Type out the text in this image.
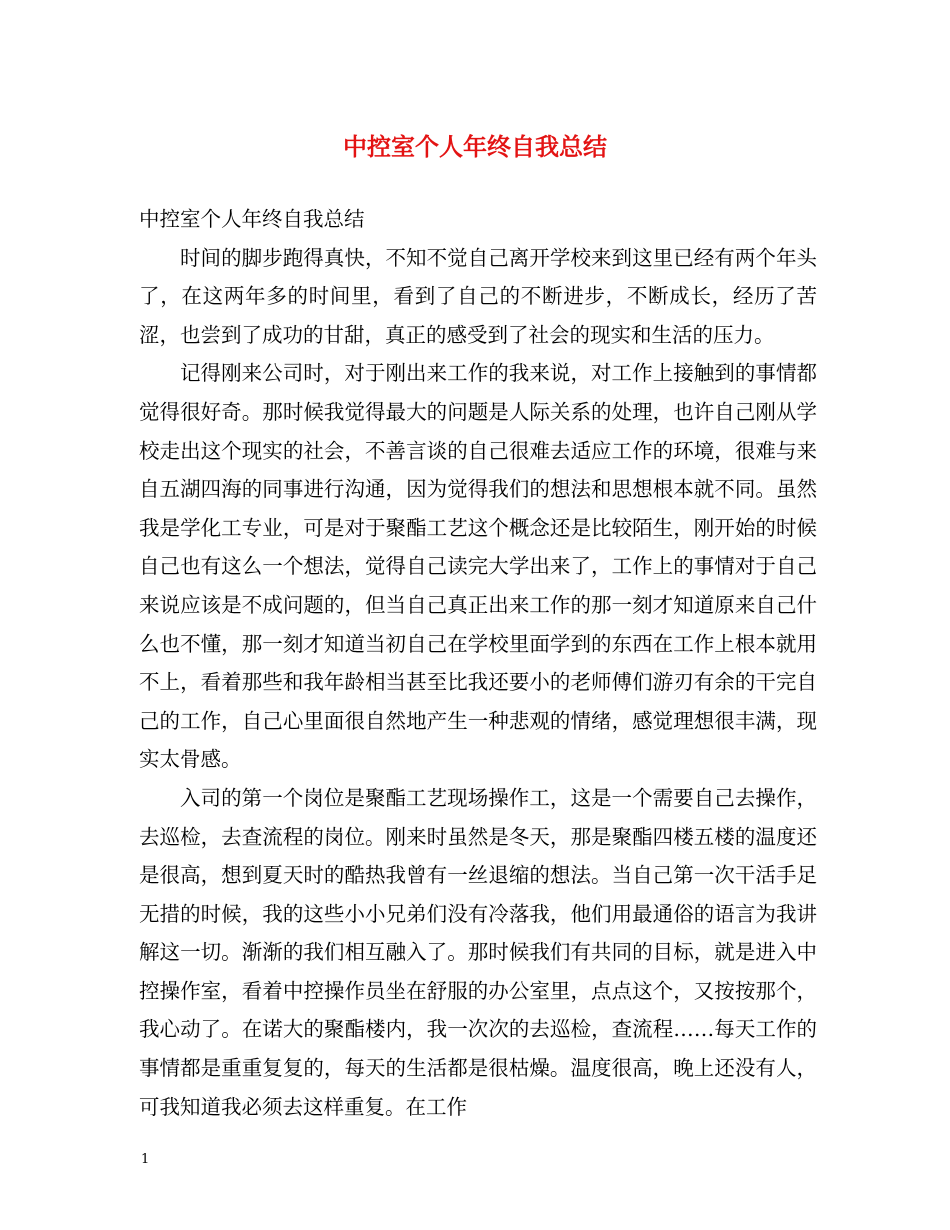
中控室个人年终自我总结

中控室个人年终自我总结

时间的脚步跑得真快，不知不觉自己离开学校来到这里已经有两个年头了，在这两年多的时间里，看到了自己的不断进步，不断成长，经历了苦涩，也尝到了成功的甘甜，真正的感受到了社会的现实和生活的压力。

记得刚来公司时，对于刚出来工作的我来说，对工作上接触到的事情都觉得很好奇。那时候我觉得最大的问题是人际关系的处理，也许自己刚从学校走出这个现实的社会，不善言谈的自己很难去适应工作的环境，很难与来自五湖四海的同事进行沟通，因为觉得我们的想法和思想根本就不同。虽然我是学化工专业，可是对于聚酯工艺这个概念还是比较陌生，刚开始的时候自己也有这么一个想法，觉得自己读完大学出来了，工作上的事情对于自己来说应该是不成问题的，但当自己真正出来工作的那一刻才知道原来自己什么也不懂，那一刻才知道当初自己在学校里面学到的东西在工作上根本就用不上，看着那些和我年龄相当甚至比我还要小的老师傅们游刃有余的干完自己的工作，自己心里面很自然地产生一种悲观的情绪，感觉理想很丰满，现实太骨感。

入司的第一个岗位是聚酯工艺现场操作工，这是一个需要自己去操作，去巡检，去查流程的岗位。刚来时虽然是冬天，那是聚酯四楼五楼的温度还是很高，想到夏天时的酷热我曾有一丝退缩的想法。当自己第一次干活手足无措的时候，我的这些小小兄弟们没有冷落我，他们用最通俗的语言为我讲解这一切。渐渐的我们相互融入了。那时候我们有共同的目标，就是进入中控操作室，看着中控操作员坐在舒服的办公室里，点点这个，又按按那个，我心动了。在诺大的聚酯楼内，我一次次的去巡检，查流程……每天工作的事情都是重重复复的，每天的生活都是很枯燥。温度很高，晚上还没有人，可我知道我必须去这样重复。在工作

1
